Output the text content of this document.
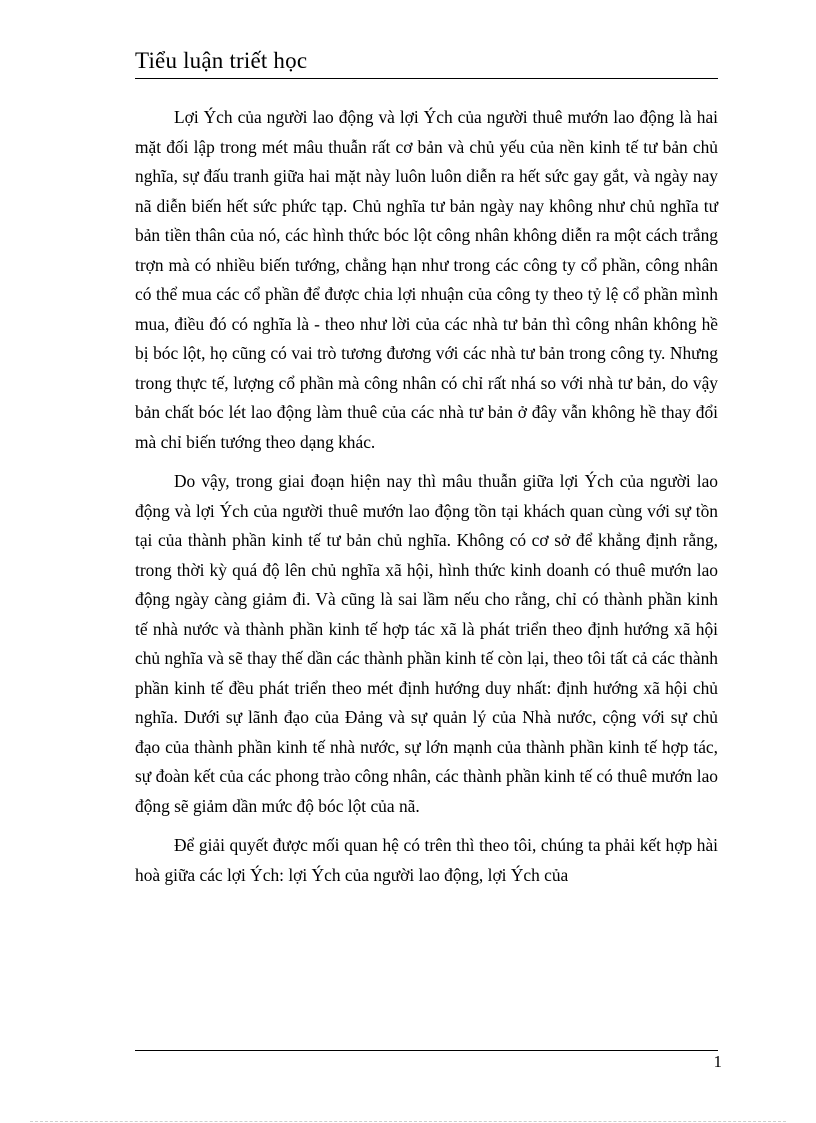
Tiểu luận triết học

Lợi Ých của người lao động và lợi Ých của người thuê mướn lao động là hai mặt đối lập trong mét mâu thuẫn rất cơ bản và chủ yếu của nền kinh tế tư bản chủ nghĩa, sự đấu tranh giữa hai mặt này luôn luôn diễn ra hết sức gay gắt, và ngày nay nã diễn biến hết sức phức tạp. Chủ nghĩa tư bản ngày nay không như chủ nghĩa tư bản tiền thân của nó, các hình thức bóc lột công nhân không diễn ra một cách trắng trợn mà có nhiều biến tướng, chẳng hạn như trong các công ty cổ phần, công nhân có thể mua các cổ phần để được chia lợi nhuận của công ty theo tỷ lệ cổ phần mình mua, điều đó có nghĩa là - theo như lời của các nhà tư bản thì công nhân không hề bị bóc lột, họ cũng có vai trò tương đương với các nhà tư bản trong công ty. Nhưng trong thực tế, lượng cổ phần mà công nhân có chỉ rất nhá so với nhà tư bản, do vậy bản chất bóc lét lao động làm thuê của các nhà tư bản ở đây vẫn không hề thay đổi mà chỉ biến tướng theo dạng khác.

Do vậy, trong giai đoạn hiện nay thì mâu thuẫn giữa lợi Ých của người lao động và lợi Ých của người thuê mướn lao động tồn tại khách quan cùng với sự tồn tại của thành phần kinh tế tư bản chủ nghĩa. Không có cơ sở để khẳng định rằng, trong thời kỳ quá độ lên chủ nghĩa xã hội, hình thức kinh doanh có thuê mướn lao động ngày càng giảm đi. Và cũng là sai lầm nếu cho rằng, chỉ có thành phần kinh tế nhà nước và thành phần kinh tế hợp tác xã là phát triển theo định hướng xã hội chủ nghĩa và sẽ thay thế dần các thành phần kinh tế còn lại, theo tôi tất cả các thành phần kinh tế đều phát triển theo mét định hướng duy nhất: định hướng xã hội chủ nghĩa. Dưới sự lãnh đạo của Đảng và sự quản lý của Nhà nước, cộng với sự chủ đạo của thành phần kinh tế nhà nước, sự lớn mạnh của thành phần kinh tế hợp tác, sự đoàn kết của các phong trào công nhân, các thành phần kinh tế có thuê mướn lao động sẽ giảm dần mức độ bóc lột của nã.

Để giải quyết được mối quan hệ có trên thì theo tôi, chúng ta phải kết hợp hài hoà giữa các lợi Ých: lợi Ých của người lao động, lợi Ých của

1
